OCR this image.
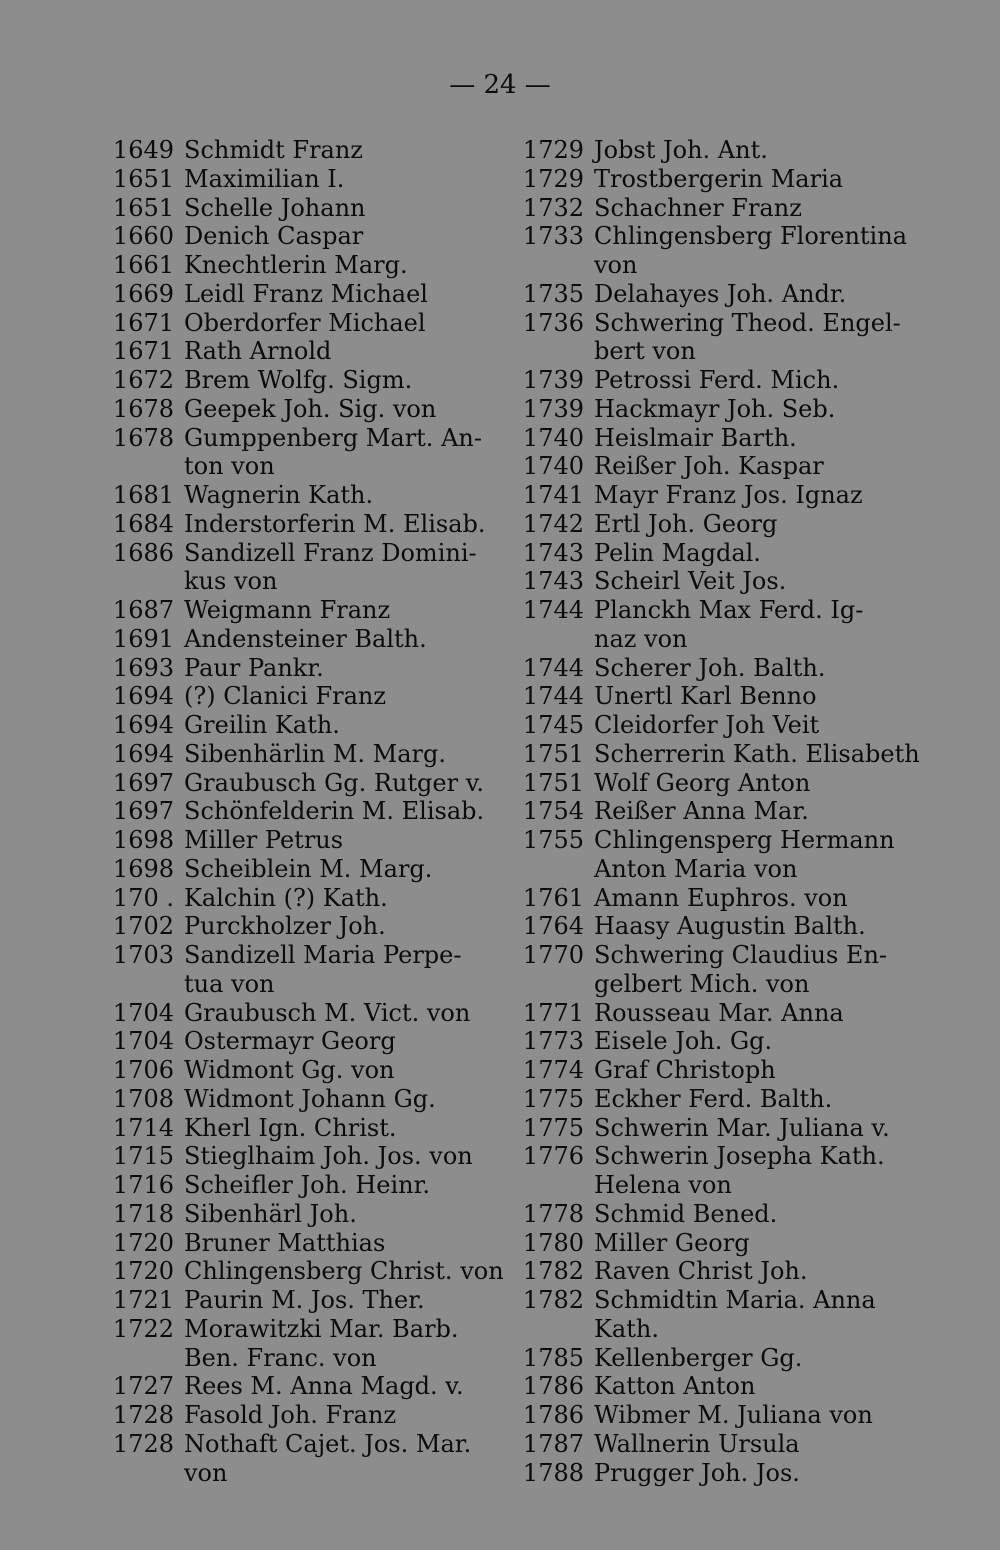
— 24 —
1649 Schmidt Franz
1651 Maximilian I.
1651 Schelle Johann
1660 Denich Caspar
1661 Knechtlerin Marg.
1669 Leidl Franz Michael
1671 Oberdorfer Michael
1671 Rath Arnold
1672 Brem Wolfg. Sigm.
1678 Geepek Joh. Sig. von
1678 Gumppenberg Mart. An-
ton von
1681 Wagnerin Kath.
1684 Inderstorferin M. Elisab.
1686 Sandizell Franz Domini-
kus von
1687 Weigmann Franz
1691 Andensteiner Balth.
1693 Paur Pankr.
1694 (?) Clanici Franz
1694 Greilin Kath.
1694 Sibenhärlin M. Marg.
1697 Graubusch Gg. Rutger v.
1697 Schönfelderin M. Elisab.
1698 Miller Petrus
1698 Scheiblein M. Marg.
170 . Kalchin (?) Kath.
1702 Purckholzer Joh.
1703 Sandizell Maria Perpe-
tua von
1704 Graubusch M. Vict. von
1704 Ostermayr Georg
1706 Widmont Gg. von
1708 Widmont Johann Gg.
1714 Kherl Ign. Christ.
1715 Stieglhaim Joh. Jos. von
1716 Scheifler Joh. Heinr.
1718 Sibenhärl Joh.
1720 Bruner Matthias
1720 Chlingensberg Christ. von
1721 Paurin M. Jos. Ther.
1722 Morawitzki Mar. Barb.
Ben. Franc. von
1727 Rees M. Anna Magd. v.
1728 Fasold Joh. Franz
1728 Nothaft Cajet. Jos. Mar.
von
1729 Jobst Joh. Ant.
1729 Trostbergerin Maria
1732 Schachner Franz
1733 Chlingensberg Florentina
von
1735 Delahayes Joh. Andr.
1736 Schwering Theod. Engel-
bert von
1739 Petrossi Ferd. Mich.
1739 Hackmayr Joh. Seb.
1740 Heislmair Barth.
1740 Reißer Joh. Kaspar
1741 Mayr Franz Jos. Ignaz
1742 Ertl Joh. Georg
1743 Pelin Magdal.
1743 Scheirl Veit Jos.
1744 Planckh Max Ferd. Ig-
naz von
1744 Scherer Joh. Balth.
1744 Unertl Karl Benno
1745 Cleidorfer Joh Veit
1751 Scherrerin Kath. Elisabeth
1751 Wolf Georg Anton
1754 Reißer Anna Mar.
1755 Chlingensperg Hermann
Anton Maria von
1761 Amann Euphros. von
1764 Haasy Augustin Balth.
1770 Schwering Claudius En-
gelbert Mich. von
1771 Rousseau Mar. Anna
1773 Eisele Joh. Gg.
1774 Graf Christoph
1775 Eckher Ferd. Balth.
1775 Schwerin Mar. Juliana v.
1776 Schwerin Josepha Kath.
Helena von
1778 Schmid Bened.
1780 Miller Georg
1782 Raven Christ Joh.
1782 Schmidtin Maria. Anna
Kath.
1785 Kellenberger Gg.
1786 Katton Anton
1786 Wibmer M. Juliana von
1787 Wallnerin Ursula
1788 Prugger Joh. Jos.
